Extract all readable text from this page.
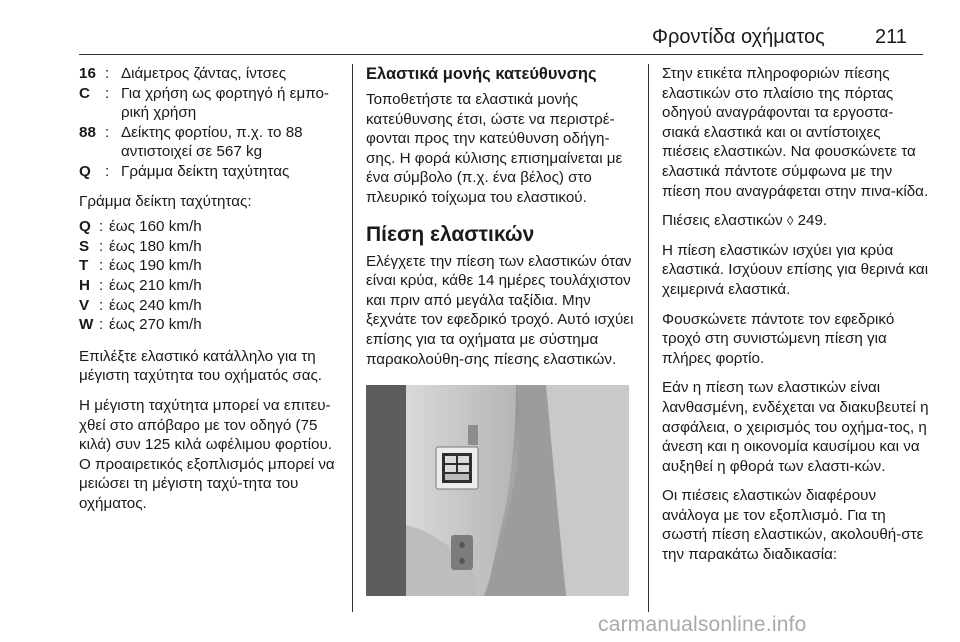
Φροντίδα οχήματος	211
16 : Διάμετρος ζάντας, ίντσες
C : Για χρήση ως φορτηγό ή εμπο-ρική χρήση
88 : Δείκτης φορτίου, π.χ. το 88 αντιστοιχεί σε 567 kg
Q : Γράμμα δείκτη ταχύτητας

Γράμμα δείκτη ταχύτητας:

Q : έως 160 km/h
S : έως 180 km/h
T : έως 190 km/h
H : έως 210 km/h
V : έως 240 km/h
W : έως 270 km/h

Επιλέξτε ελαστικό κατάλληλο για τη μέγιστη ταχύτητα του οχήματός σας.

Η μέγιστη ταχύτητα μπορεί να επιτευ-χθεί στο απόβαρο με τον οδηγό (75 κιλά) συν 125 κιλά ωφέλιμου φορτίου. Ο προαιρετικός εξοπλισμός μπορεί να μειώσει τη μέγιστη ταχύ-τητα του οχήματος.

Ελαστικά μονής κατεύθυνσης

Τοποθετήστε τα ελαστικά μονής κατεύθυνσης έτσι, ώστε να περιστρέ-φονται προς την κατεύθυνση οδήγη-σης. Η φορά κύλισης επισημαίνεται με ένα σύμβολο (π.χ. ένα βέλος) στο πλευρικό τοίχωμα του ελαστικού.

Πίεση ελαστικών

Ελέγχετε την πίεση των ελαστικών όταν είναι κρύα, κάθε 14 ημέρες τουλάχιστον και πριν από μεγάλα ταξίδια. Μην ξεχνάτε τον εφεδρικό τροχό. Αυτό ισχύει επίσης για τα οχήματα με σύστημα παρακολούθη-σης πίεσης ελαστικών.

Στην ετικέτα πληροφοριών πίεσης ελαστικών στο πλαίσιο της πόρτας οδηγού αναγράφονται τα εργοστα-σιακά ελαστικά και οι αντίστοιχες πιέσεις ελαστικών. Να φουσκώνετε τα ελαστικά πάντοτε σύμφωνα με την πίεση που αναγράφεται στην πινα-κίδα.

Πιέσεις ελαστικών ◊ 249.

Η πίεση ελαστικών ισχύει για κρύα ελαστικά. Ισχύουν επίσης για θερινά και χειμερινά ελαστικά.

Φουσκώνετε πάντοτε τον εφεδρικό τροχό στη συνιστώμενη πίεση για πλήρες φορτίο.

Εάν η πίεση των ελαστικών είναι λανθασμένη, ενδέχεται να διακυβευτεί η ασφάλεια, ο χειρισμός του οχήμα-τος, η άνεση και η οικονομία καυσίμου και να αυξηθεί η φθορά των ελαστι-κών.

Οι πιέσεις ελαστικών διαφέρουν ανάλογα με τον εξοπλισμό. Για τη σωστή πίεση ελαστικών, ακολουθή-στε την παρακάτω διαδικασία:

carmanualsonline.info
